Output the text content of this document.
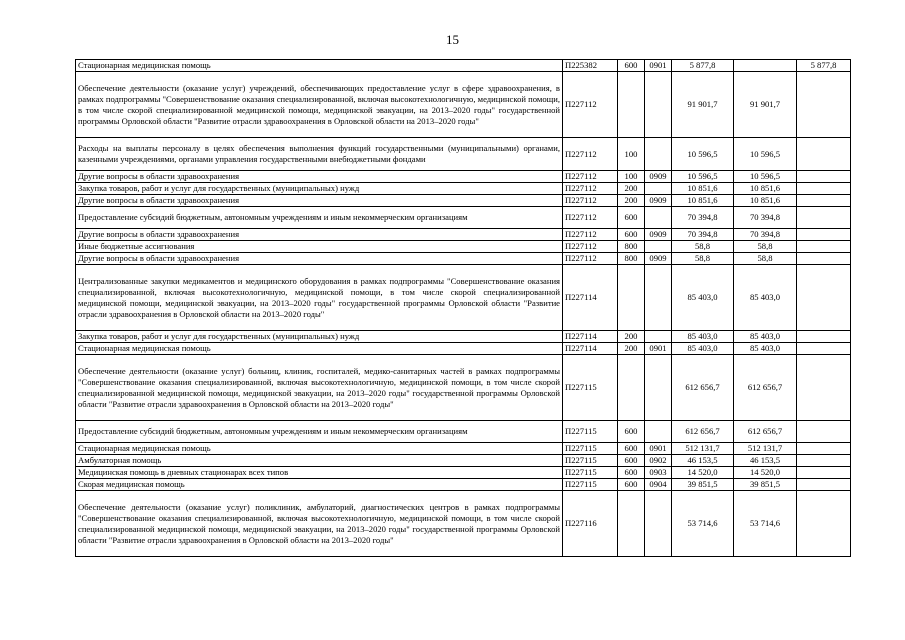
15
Стационарная медицинская помощь	П225382	600	0901	5 877,8		5 877,8
Обеспечение деятельности (оказание услуг) учреждений, обеспечивающих предоставление услуг в сфере здравоохранения, в рамках подпрограммы "Совершенствование оказания специализированной, включая высокотехнологичную, медицинской помощи, в том числе скорой специализированной медицинской помощи, медицинской эвакуации, на 2013–2020 годы" государственной программы Орловской области "Развитие отрасли здравоохранения в Орловской области на 2013–2020 годы"	П227112			91 901,7	91 901,7	
Расходы на выплаты персоналу в целях обеспечения выполнения функций государственными (муниципальными) органами, казенными учреждениями, органами управления государственными внебюджетными фондами	П227112	100		10 596,5	10 596,5	
Другие вопросы в области здравоохранения	П227112	100	0909	10 596,5	10 596,5	
Закупка товаров, работ и услуг для государственных (муниципальных) нужд	П227112	200		10 851,6	10 851,6	
Другие вопросы в области здравоохранения	П227112	200	0909	10 851,6	10 851,6	
Предоставление субсидий бюджетным, автономным учреждениям и иным некоммерческим организациям	П227112	600		70 394,8	70 394,8	
Другие вопросы в области здравоохранения	П227112	600	0909	70 394,8	70 394,8	
Иные бюджетные ассигнования	П227112	800		58,8	58,8	
Другие вопросы в области здравоохранения	П227112	800	0909	58,8	58,8	
Централизованные закупки медикаментов и медицинского оборудования в рамках подпрограммы "Совершенствование оказания специализированной, включая высокотехнологичную, медицинской помощи, в том числе скорой специализированной медицинской помощи, медицинской эвакуации, на 2013–2020 годы" государственной программы Орловской области "Развитие отрасли здравоохранения в Орловской области на 2013–2020 годы"	П227114			85 403,0	85 403,0	
Закупка товаров, работ и услуг для государственных (муниципальных) нужд	П227114	200		85 403,0	85 403,0	
Стационарная медицинская помощь	П227114	200	0901	85 403,0	85 403,0	
Обеспечение деятельности (оказание услуг) больниц, клиник, госпиталей, медико-санитарных частей в рамках подпрограммы "Совершенствование оказания специализированной, включая высокотехнологичную, медицинской помощи, в том числе скорой специализированной медицинской помощи, медицинской эвакуации, на 2013–2020 годы" государственной программы Орловской области "Развитие отрасли здравоохранения в Орловской области на 2013–2020 годы"	П227115			612 656,7	612 656,7	
Предоставление субсидий бюджетным, автономным учреждениям и иным некоммерческим организациям	П227115	600		612 656,7	612 656,7	
Стационарная медицинская помощь	П227115	600	0901	512 131,7	512 131,7	
Амбулаторная помощь	П227115	600	0902	46 153,5	46 153,5	
Медицинская помощь в дневных стационарах всех типов	П227115	600	0903	14 520,0	14 520,0	
Скорая медицинская помощь	П227115	600	0904	39 851,5	39 851,5	
Обеспечение деятельности (оказание услуг) поликлиник, амбулаторий, диагностических центров в рамках подпрограммы "Совершенствование оказания специализированной, включая высокотехнологичную, медицинской помощи, в том числе скорой специализированной медицинской помощи, медицинской эвакуации, на 2013–2020 годы" государственной программы Орловской области "Развитие отрасли здравоохранения в Орловской области на 2013–2020 годы"	П227116			53 714,6	53 714,6	
